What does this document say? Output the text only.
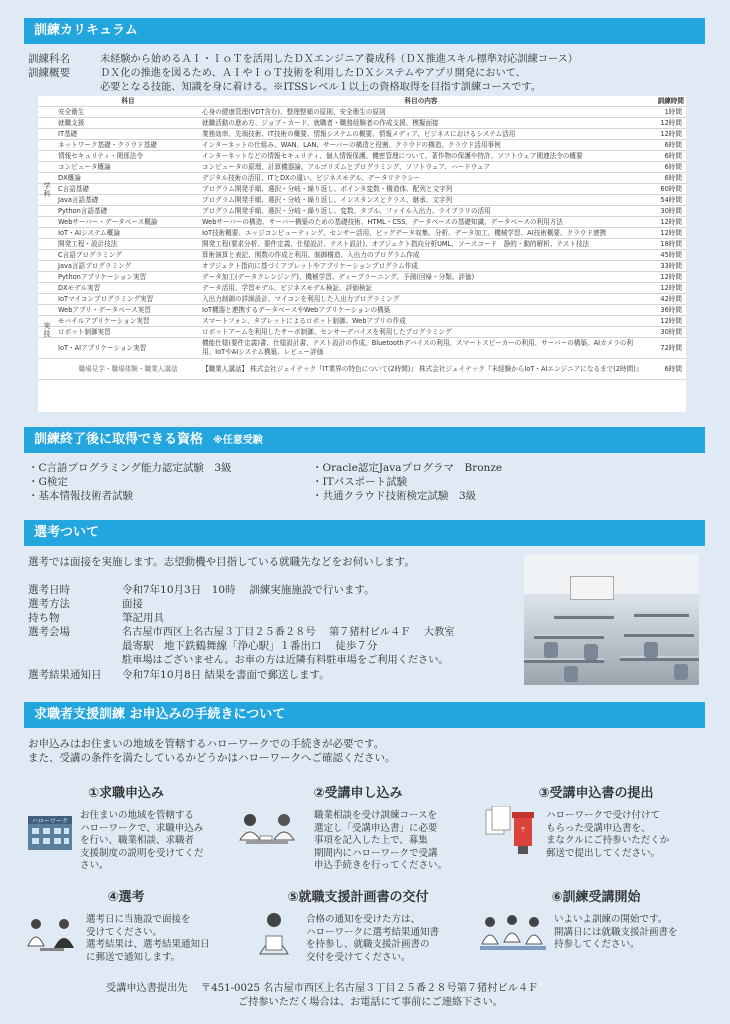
訓練カリキュラム
訓練科名	未経験から始めるＡＩ・ＩｏＴを活用したＤＸエンジニア養成科（ＤＸ推進スキル標準対応訓練コース）
訓練概要	ＤＸ化の推進を図るため、ＡＩやＩｏＴ技術を利用したＤＸシステムやアプリ開発において、
必要となる技能、知識を身に着ける。※ITSSレベル１以上の資格取得を目指す訓練コースです。
学科
実技
	科目	科目の内容	訓練時間
	安全衛生	心身の健康管理(VDT含む)、整理整頓の原則、安全衛生の原則	1時間
	就職支援	就職活動の進め方、ジョブ・カード、就職者・職務経験者の作成支援、模擬面接	12時間
	IT基礎	業務効率、先端技術、IT技術の概要、情報システムの概要、情報メディア、ビジネスにおけるシステム活用	12時間
	ネットワーク基礎・クラウド基礎	インターネットの仕組み、WAN、LAN、サーバーの構造と役割、クラウドの構造、クラウド活用事例	6時間
	情報セキュリティ・関係法令	インターネットなどの情報セキュリティ、個人情報保護、機密管理について、著作物の保護や特許、ソフトウェア関連法令の概要	6時間
	コンピュータ概論	コンピュータの原理、計算機器論、アルゴリズムとプログラミング、ソフトウェア、ハードウェア	6時間
	DX概論	デジタル技術の活用、ITとDXの違い、ビジネスモデル、データリテラシー	6時間
	C言語基礎	プログラム開発手順、選択・分岐・繰り返し、ポインタ変数・構造体、配列と文字列	60時間
	Java言語基礎	プログラム開発手順、選択・分岐・繰り返し、インスタンスとクラス、継承、文字列	54時間
	Python言語基礎	プログラム開発手順、選択・分岐・繰り返し、変数、タプル、ファイル入出力、ライブラリの活用	30時間
	Webサーバー・データベース概論	Webサーバーの構造、サーバー構築のための基礎技術、HTML・CSS、データベースの基礎知識、データベースの利用方法	12時間
	IoT・AIシステム概論	IoT技術概要、エッジコンピューティング、センサー活用、ビッグデータ収集、分析、データ加工、機械学習、AI技術概要、クラウド連携	12時間
	開発工程・設計技法	開発工程(要求分析、要件定義、仕様設計、テスト設計)、オブジェクト指向分析UML、ソースコード　静的・動的解析、テスト技法	18時間
	C言語プログラミング	算術演算と表記、関数の作成と利用、制御構造、入出力のプログラム作成	45時間
	Java言語プログラミング	オブジェクト指向に基づくアプレットやアプリケーションプログラム作成	33時間
	Pythonアプリケーション実習	データ加工(データクレンジング)、機械学習、ディープラーニング、予測(回帰・分類、評価)	12時間
	DXモデル実習	データ活用、学習モデル、ビジネスモデル検証、評価検証	12時間
	IoTマイコンプログラミング実習	入出力制御の詳細設計、マイコンを利用した入出力プログラミング	42時間
	Webアプリ・データベース実習	IoT機器と連携するデータベースやWebアプリケーションの構築	36時間
	モバイルアプリケーション実習	スマートフォン、タブレットによるロボット制御、Webアプリの作成	12時間
	ロボット制御実習	ロボットアームを利用したサーボ制御、センサーデバイスを利用したプログラミング	30時間
	IoT・AIアプリケーション実習	機能仕様(要件定義)書、仕様設計書、テスト設計の作成、Bluetoothデバイスの利用、スマートスピーカーの利用、サーバーの構築、AIカメラの利用、IoTやAIシステム構築、レビュー評価	72時間
	職場見学・職場体験・職業人講話	【職業人講話】 株式会社ジェイテック『IT業界の特色について(2時間)』 株式会社ジェイテック『未経験からIoT・AIエンジニアになるまで(2時間)』	6時間
訓練終了後に取得できる資格 ※任意受験
・C言語プログラミング能力認定試験　3級
・G検定
・基本情報技術者試験
・Oracle認定Javaプログラマ　Bronze
・ITパスポート試験
・共通クラウド技術検定試験　3級
選考ついて
選考では面接を実施します。志望動機や目指している就職先などをお伺いします。
選考日時	令和7年10月3日　10時　 訓練実施施設で行います。
選考方法	面接
持ち物	筆記用具
選考会場	名古屋市西区上名古屋３丁目２５番２８号　 第７猪村ビル４Ｆ　 大教室
最寄駅　地下鉄鶴舞線「浄心駅」１番出口　 徒歩７分
駐車場はございません。お車の方は近隣有料駐車場をご利用ください。
選考結果通知日 令和7年10月8日 結果を書面で郵送します。
求職者支援訓練 お申込みの手続きについて
お申込みはお住まいの地域を管轄するハローワークでの手続きが必要です。
また、受講の条件を満たしているかどうかはハローワークへご確認ください。
①求職申込み	②受講申し込み	③受講申込書の提出
④選考	⑤就職支援計画書の交付	⑥訓練受講開始
ハローワーク
〒
お住まいの地域を管轄する
ハローワークで、求職申込み
を行い、職業相談、求職者
支援制度の説明を受けてくだ
さい。
職業相談を受け訓練コースを
選定し「受講申込書」に必要
事項を記入した上で、募集
期間内にハローワークで受講
申込手続きを行ってください。
ハローワークで受け付けて
もらった受講申込書を、
まなクルにご持参いただくか
郵送で提出してください。
選考日に当施設で面接を
受けてください。
選考結果は、選考結果通知日
に郵送で通知します。
合格の通知を受けた方は、
ハローワークに選考結果通知書
を持参し、就職支援計画書の
交付を受けてください。
いよいよ訓練の開始です。
開講日には就職支援計画書を
持参してください。
受講申込書提出先　 〒451-0025 名古屋市西区上名古屋３丁目２５番２８号第７猪村ビル４Ｆ
ご持参いただく場合は、お電話にて事前にご連絡下さい。
